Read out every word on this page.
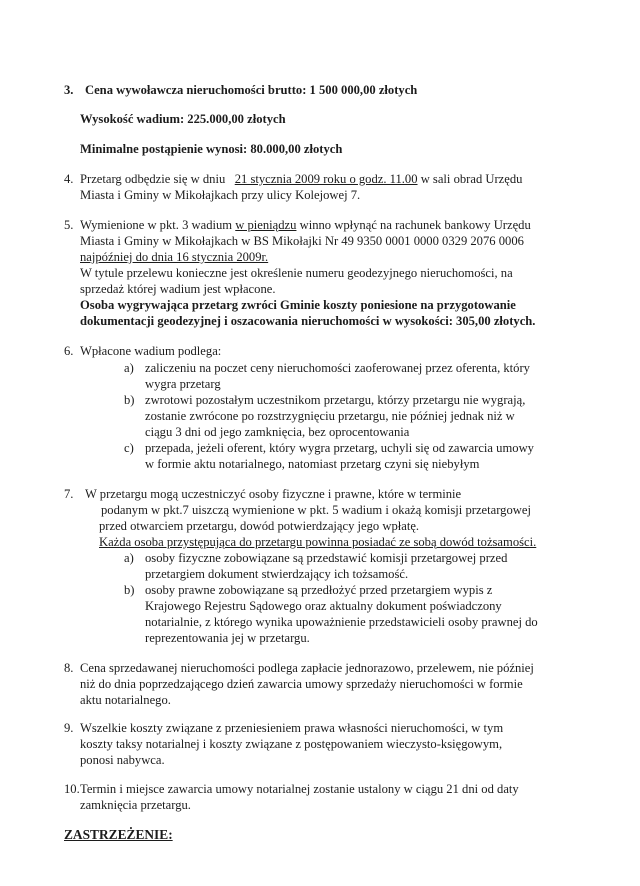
3. Cena wywoławcza nieruchomości brutto: 1 500 000,00 złotych
Wysokość wadium: 225.000,00 złotych
Minimalne postąpienie wynosi: 80.000,00 złotych
4. Przetarg odbędzie się w dniu 21 stycznia 2009 roku o godz. 11.00 w sali obrad Urzędu
Miasta i Gminy w Mikołajkach przy ulicy Kolejowej 7.
5. Wymienione w pkt. 3 wadium w pieniądzu winno wpłynąć na rachunek bankowy Urzędu
Miasta i Gminy w Mikołajkach w BS Mikołajki Nr 49 9350 0001 0000 0329 2076 0006
najpóźniej do dnia 16 stycznia 2009r.
W tytule przelewu konieczne jest określenie numeru geodezyjnego nieruchomości, na
sprzedaż której wadium jest wpłacone.
Osoba wygrywająca przetarg zwróci Gminie koszty poniesione na przygotowanie
dokumentacji geodezyjnej i oszacowania nieruchomości w wysokości: 305,00 złotych.
6. Wpłacone wadium podlega:
a) zaliczeniu na poczet ceny nieruchomości zaoferowanej przez oferenta, który
wygra przetarg
b) zwrotowi pozostałym uczestnikom przetargu, którzy przetargu nie wygrają,
zostanie zwrócone po rozstrzygnięciu przetargu, nie później jednak niż w
ciągu 3 dni od jego zamknięcia, bez oprocentowania
c) przepada, jeżeli oferent, który wygra przetarg, uchyli się od zawarcia umowy
w formie aktu notarialnego, natomiast przetarg czyni się niebyłym
7. W przetargu mogą uczestniczyć osoby fizyczne i prawne, które w terminie
podanym w pkt.7 uiszczą wymienione w pkt. 5 wadium i okażą komisji przetargowej
przed otwarciem przetargu, dowód potwierdzający jego wpłatę.
Każda osoba przystępująca do przetargu powinna posiadać ze sobą dowód tożsamości.
a) osoby fizyczne zobowiązane są przedstawić komisji przetargowej przed
przetargiem dokument stwierdzający ich tożsamość.
b) osoby prawne zobowiązane są przedłożyć przed przetargiem wypis z
Krajowego Rejestru Sądowego oraz aktualny dokument poświadczony
notarialnie, z którego wynika upoważnienie przedstawicieli osoby prawnej do
reprezentowania jej w przetargu.
8. Cena sprzedawanej nieruchomości podlega zapłacie jednorazowo, przelewem, nie później
niż do dnia poprzedzającego dzień zawarcia umowy sprzedaży nieruchomości w formie
aktu notarialnego.
9. Wszelkie koszty związane z przeniesieniem prawa własności nieruchomości, w tym
koszty taksy notarialnej i koszty związane z postępowaniem wieczysto-księgowym,
ponosi nabywca.
10. Termin i miejsce zawarcia umowy notarialnej zostanie ustalony w ciągu 21 dni od daty
zamknięcia przetargu.
ZASTRZEŻENIE:
